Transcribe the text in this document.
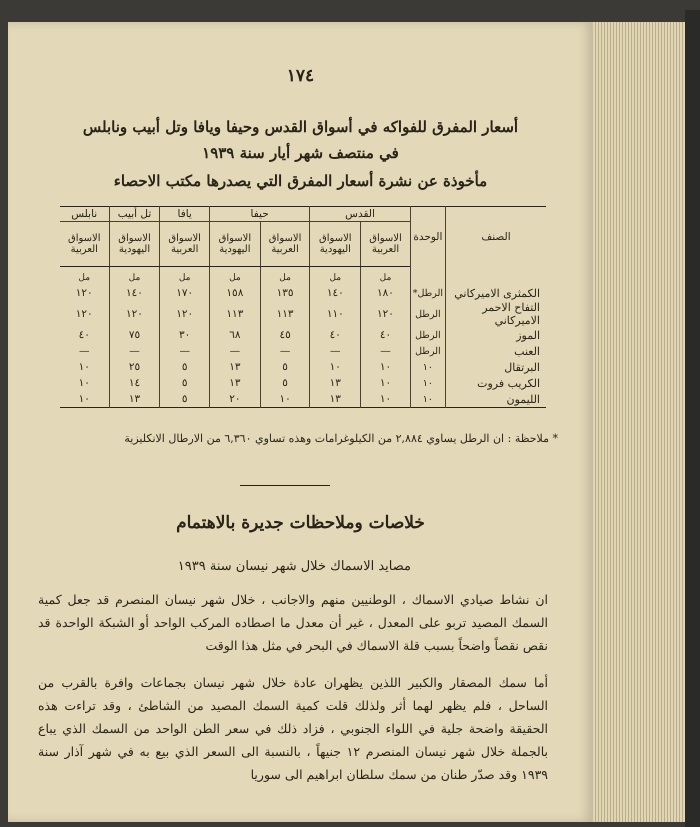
١٧٤
أسعار المفرق للفواكه في أسواق القدس وحيفا ويافا وتل أبيب ونابلس
في منتصف شهر أيار سنة ١٩٣٩
مأخوذة عن نشرة أسعار المفرق التي يصدرها مكتب الاحصاء
الصنف	الوحدة	القدس		حيفا		يافا	تل أبيب	نابلس
		الاسواق العربية	الاسواق اليهودية	الاسواق العربية	الاسواق اليهودية	الاسواق العربية	الاسواق اليهودية	الاسواق العربية
		مل	مل	مل	مل	مل	مل	مل
الكمثرى الاميركاني	الرطل*	١٨٠	١٤٠	١٣٥	١٥٨	١٧٠	١٤٠	١٢٠
التفاح الاحمر الاميركاني	الرطل	١٢٠	١١٠	١١٣	١١٣	١٢٠	١٢٠	١٢٠
الموز	الرطل	٤٠	٤٠	٤٥	٦٨	٣٠	٧٥	٤٠
العنب	الرطل	—	—	—	—	—	—	—
البرتقال	١٠	١٠	١٠	٥	١٣	٥	٢٥	١٠
الكريب فروت	١٠	١٠	١٣	٥	١٣	٥	١٤	١٠
الليمون	١٠	١٠	١٣	١٠	٢٠	٥	١٣	١٠
* ملاحظة : ان الرطل يساوي ٢,٨٨٤ من الكيلوغرامات وهذه تساوي ٦,٣٦٠ من الارطال الانكليزية
خلاصات وملاحظات جديرة بالاهتمام
مصايد الاسماك خلال شهر نيسان سنة ١٩٣٩
ان نشاط صيادي الاسماك ، الوطنيين منهم والاجانب ، خلال شهر نيسان المنصرم قد جعل كمية السمك المصيد تربو على المعدل ، غير أن معدل ما اصطاده المركب الواحد أو الشبكة الواحدة قد نقص نقصاً واضحاً بسبب قلة الاسماك في البحر في مثل هذا الوقت
أما سمك المصقار والكبير اللذين يظهران عادة خلال شهر نيسان بجماعات وافرة بالقرب من الساحل ، فلم يظهر لهما أثر ولذلك قلت كمية السمك المصيد من الشاطئ ، وقد تراءت هذه الحقيقة واضحة جلية في اللواء الجنوبي ، فزاد ذلك في سعر الطن الواحد من السمك الذي يباع بالجملة خلال شهر نيسان المنصرم ١٢ جنيهاً ، بالنسبة الى السعر الذي بيع به في شهر آذار سنة ١٩٣٩ وقد صدّر طنان من سمك سلطان ابراهيم الى سوريا
